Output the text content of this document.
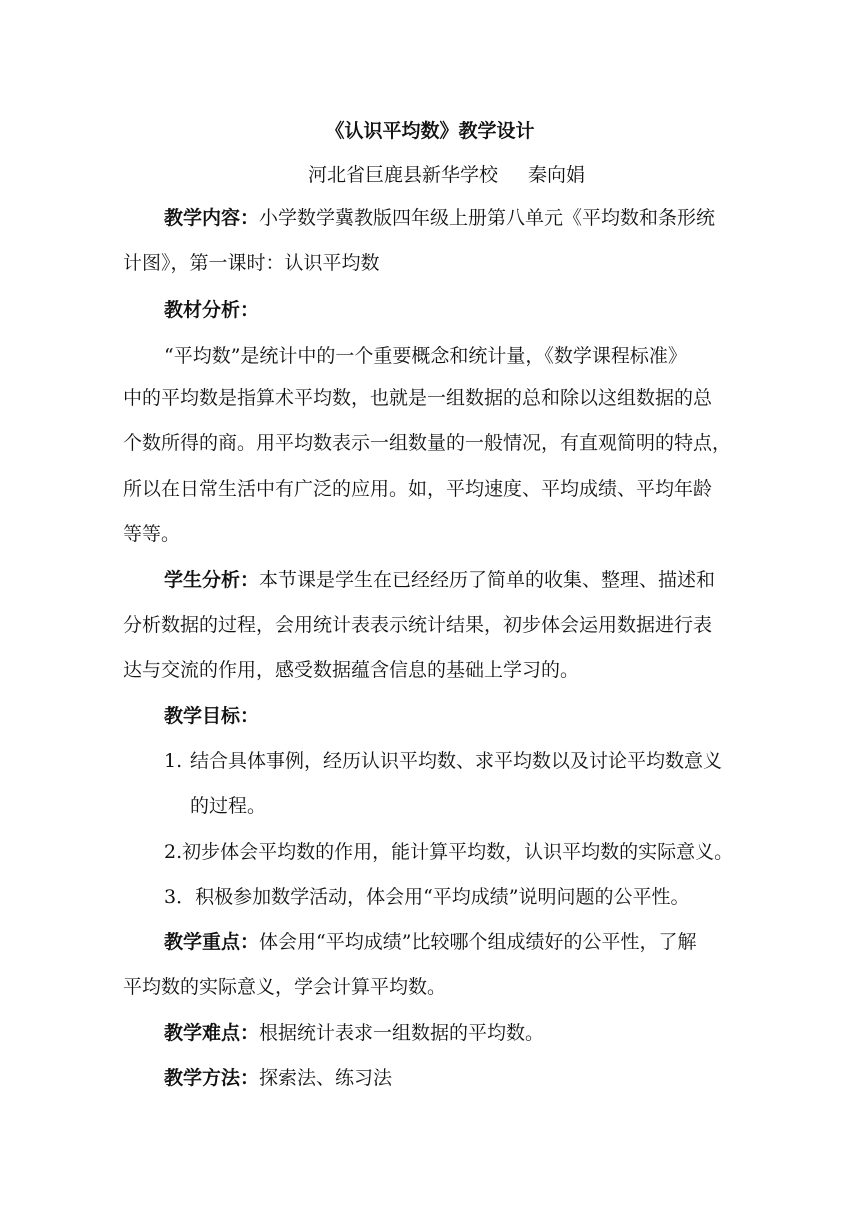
《认识平均数》教学设计
河北省巨鹿县新华学校 秦向娟
教学内容：小学数学冀教版四年级上册第八单元《平均数和条形统
计图》，第一课时：认识平均数
教材分析：
“平均数”是统计中的一个重要概念和统计量，《数学课程标准》
中的平均数是指算术平均数，也就是一组数据的总和除以这组数据的总
个数所得的商。用平均数表示一组数量的一般情况，有直观简明的特点，
所以在日常生活中有广泛的应用。如，平均速度、平均成绩、平均年龄
等等。
学生分析：本节课是学生在已经经历了简单的收集、整理、描述和
分析数据的过程，会用统计表表示统计结果，初步体会运用数据进行表
达与交流的作用，感受数据蕴含信息的基础上学习的。
教学目标：
1. 结合具体事例，经历认识平均数、求平均数以及讨论平均数意义
的过程。
2.初步体会平均数的作用，能计算平均数，认识平均数的实际意义。
3．积极参加数学活动，体会用“平均成绩”说明问题的公平性。
教学重点：体会用“平均成绩”比较哪个组成绩好的公平性，了解
平均数的实际意义，学会计算平均数。
教学难点：根据统计表求一组数据的平均数。
教学方法：探索法、练习法
